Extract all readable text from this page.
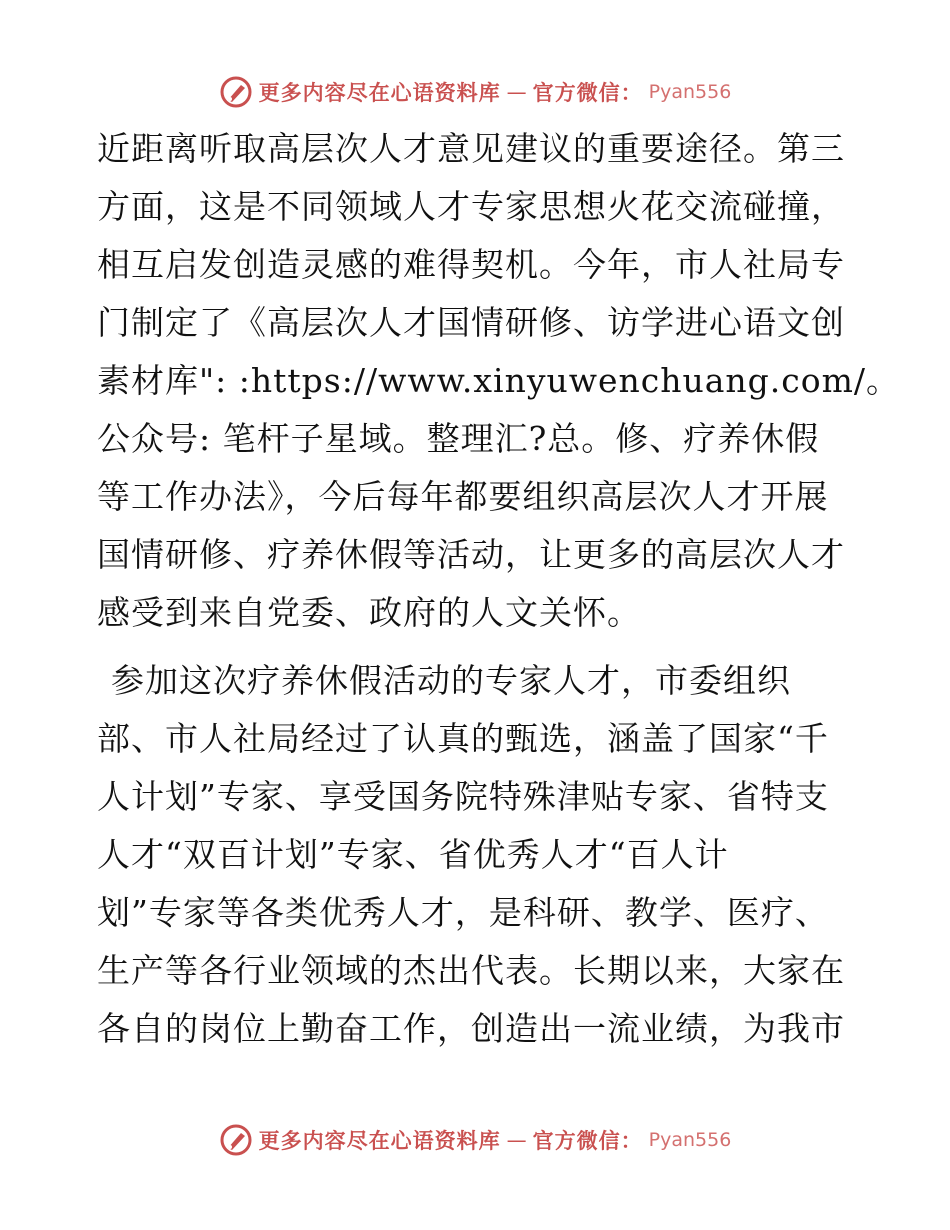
更多内容尽在心语资料库 — 官方微信： Pyan556
近距离听取高层次人才意见建议的重要途径。第三
方面，这是不同领域人才专家思想火花交流碰撞，
相互启发创造灵感的难得契机。今年，市人社局专
门制定了《高层次人才国情研修、访学进心语文创
素材库": :https://www.xinyuwenchuang.com/。
公众号: 笔杆子星域。整理汇?总。修、疗养休假
等工作办法》，今后每年都要组织高层次人才开展
国情研修、疗养休假等活动，让更多的高层次人才
感受到来自党委、政府的人文关怀。
参加这次疗养休假活动的专家人才，市委组织
部、市人社局经过了认真的甄选，涵盖了国家“千
人计划”专家、享受国务院特殊津贴专家、省特支
人才“双百计划”专家、省优秀人才“百人计
划”专家等各类优秀人才，是科研、教学、医疗、
生产等各行业领域的杰出代表。长期以来，大家在
各自的岗位上勤奋工作，创造出一流业绩，为我市
更多内容尽在心语资料库 — 官方微信： Pyan556
